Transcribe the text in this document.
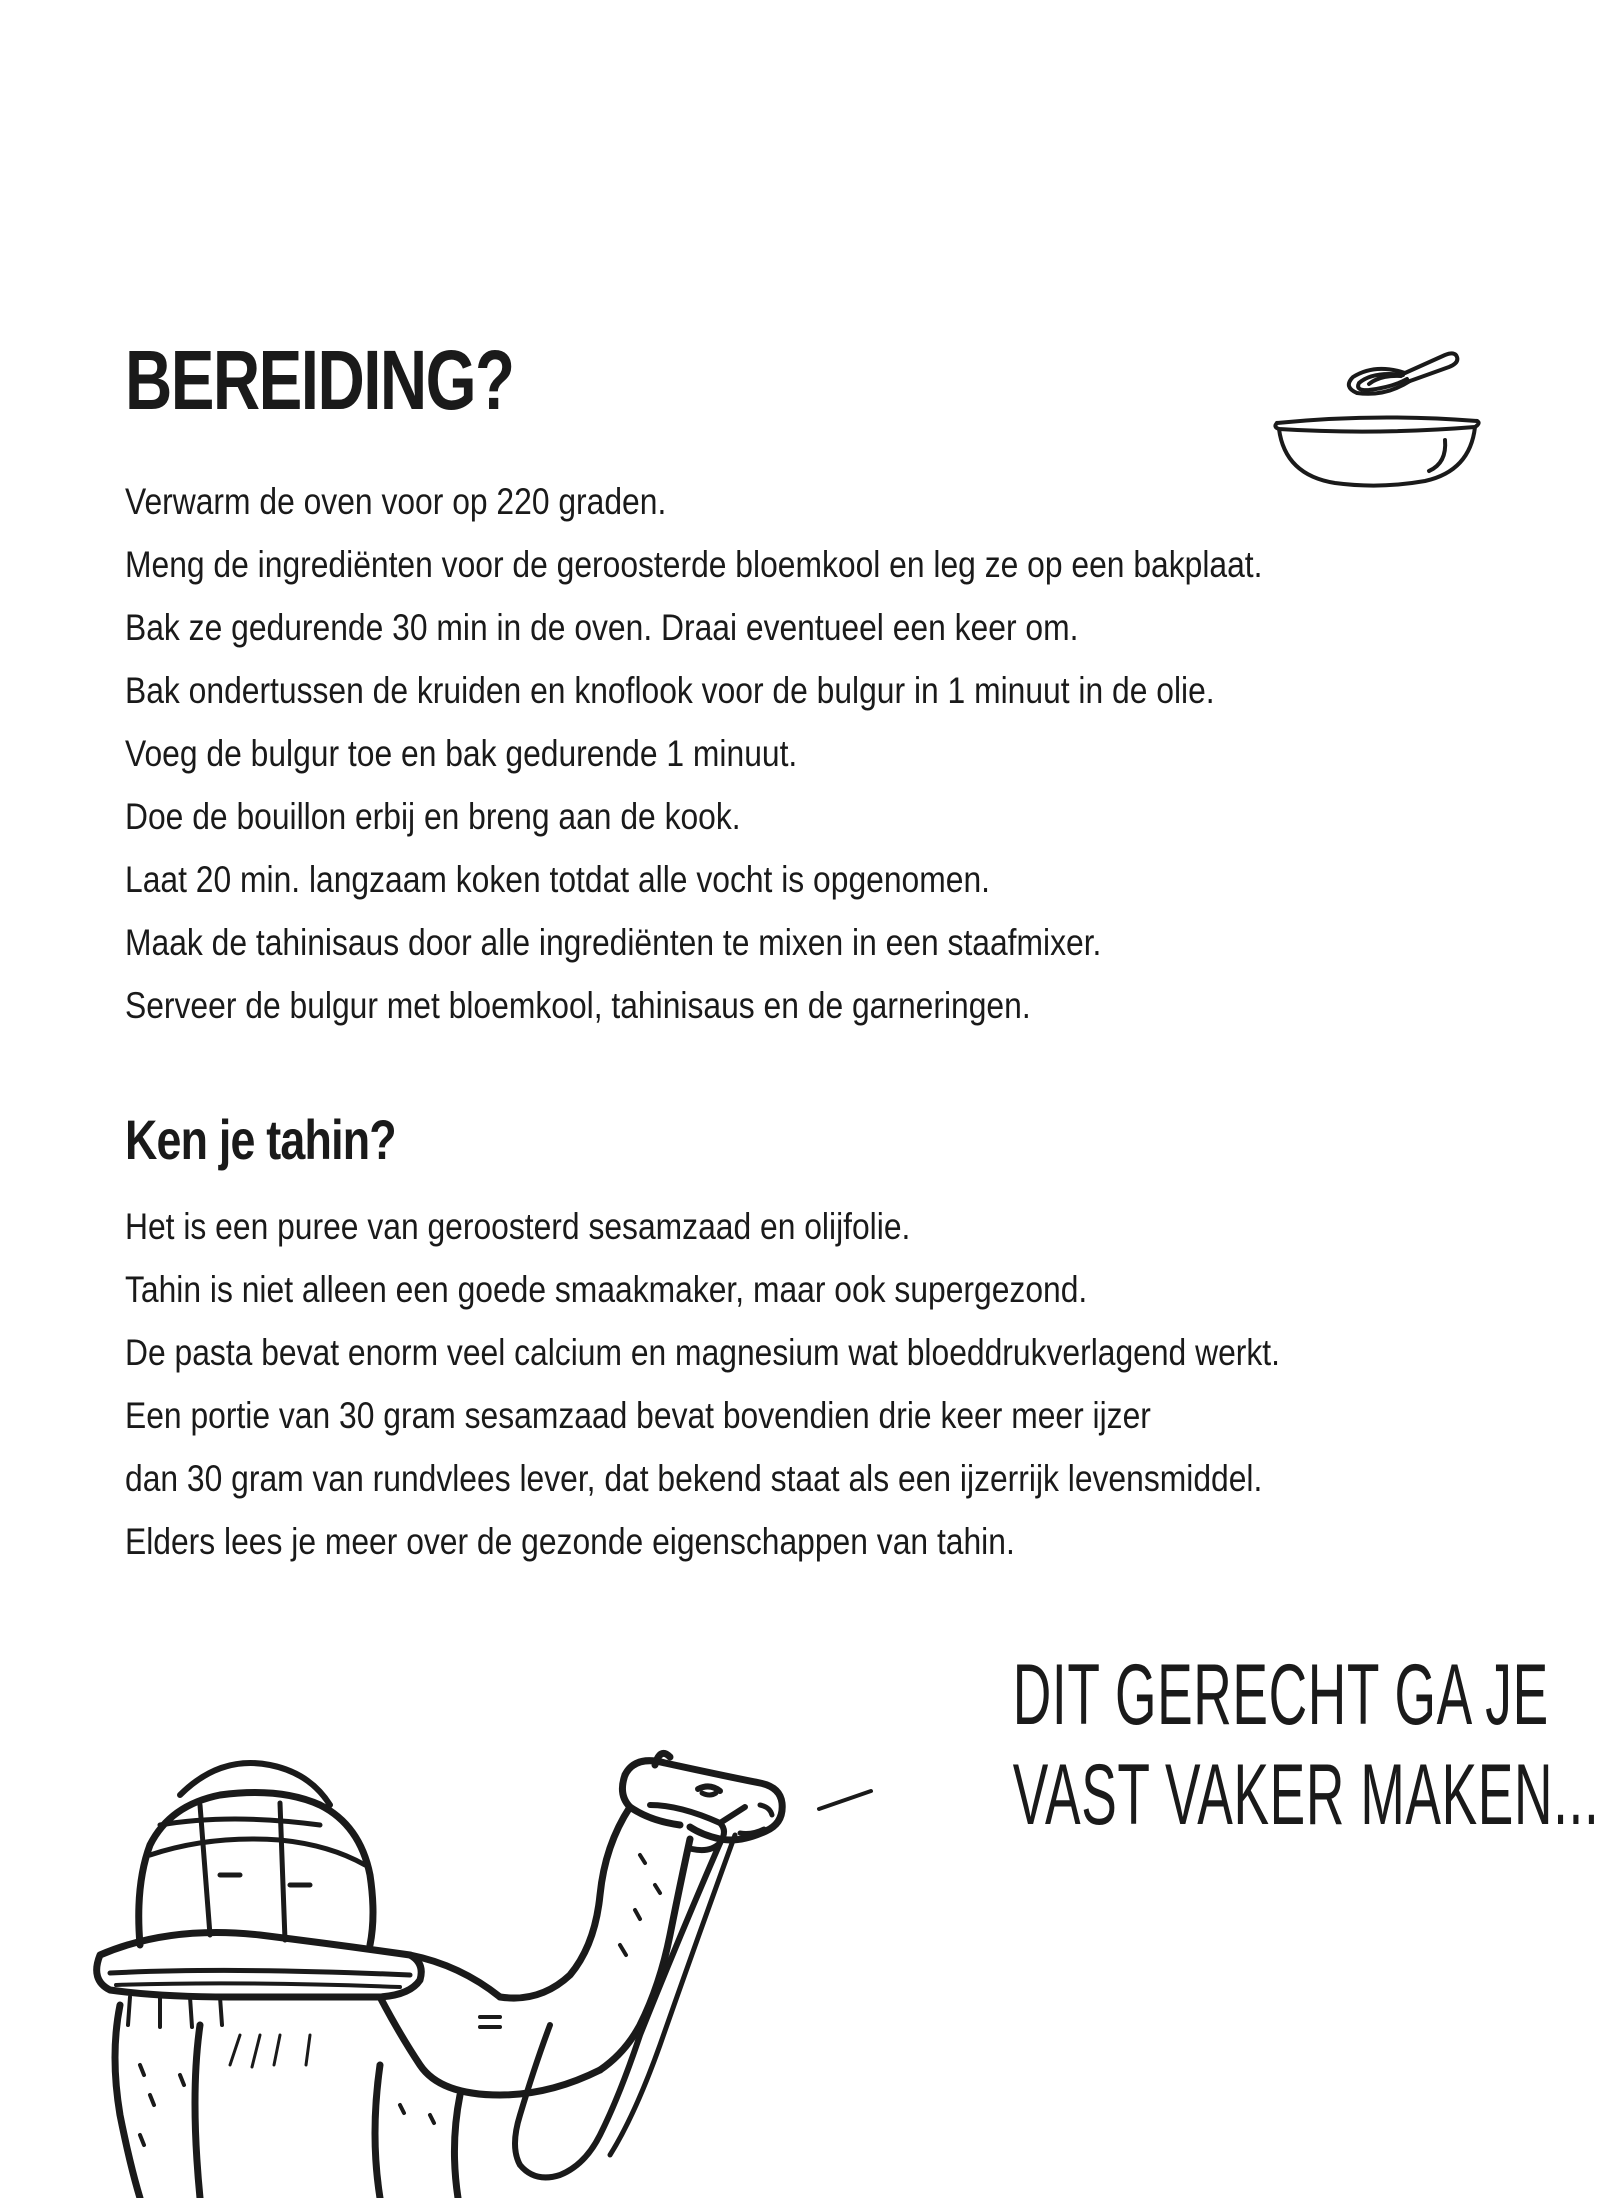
BEREIDING?
Verwarm de oven voor op 220 graden.
Meng de ingrediënten voor de geroosterde bloemkool en leg ze op een bakplaat.
Bak ze gedurende 30 min in de oven. Draai eventueel een keer om.
Bak ondertussen de kruiden en knoflook voor de bulgur in 1 minuut in de olie.
Voeg de bulgur toe en bak gedurende 1 minuut.
Doe de bouillon erbij en breng aan de kook.
Laat 20 min. langzaam koken totdat alle vocht is opgenomen.
Maak de tahinisaus door alle ingrediënten te mixen in een staafmixer.
Serveer de bulgur met bloemkool, tahinisaus en de garneringen.
Ken je tahin?
Het is een puree van geroosterd sesamzaad en olijfolie.
Tahin is niet alleen een goede smaakmaker, maar ook supergezond.
De pasta bevat enorm veel calcium en magnesium wat bloeddrukverlagend werkt.
Een portie van 30 gram sesamzaad bevat bovendien drie keer meer ijzer
dan 30 gram van rundvlees lever, dat bekend staat als een ijzerrijk levensmiddel.
Elders lees je meer over de gezonde eigenschappen van tahin.
DIT GERECHT GA JE
VAST VAKER MAKEN...
